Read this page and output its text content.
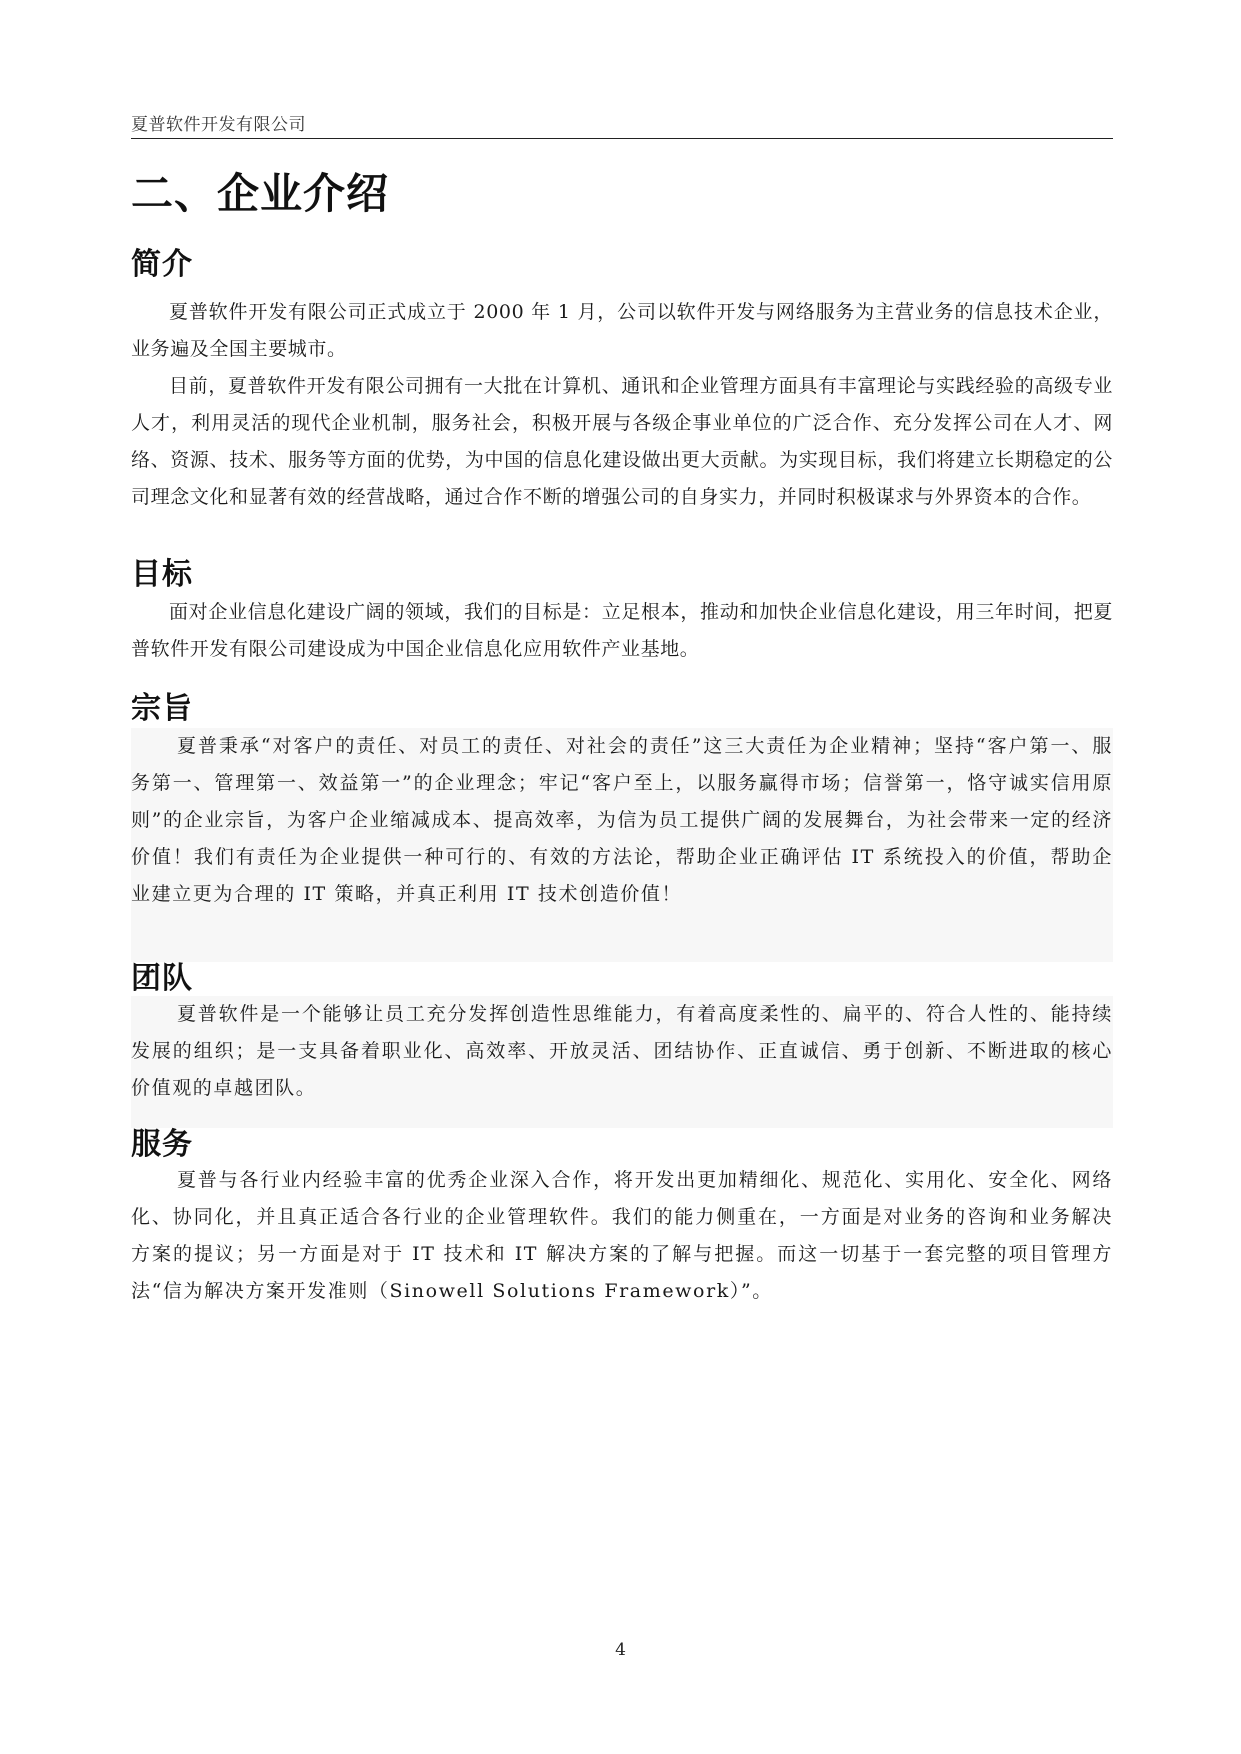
夏普软件开发有限公司
二、企业介绍
简介

夏普软件开发有限公司正式成立于 2000 年 1 月，公司以软件开发与网络服务为主营业务的信息技术企业，业务遍及全国主要城市。

目前，夏普软件开发有限公司拥有一大批在计算机、通讯和企业管理方面具有丰富理论与实践经验的高级专业人才，利用灵活的现代企业机制，服务社会，积极开展与各级企事业单位的广泛合作、充分发挥公司在人才、网络、资源、技术、服务等方面的优势，为中国的信息化建设做出更大贡献。为实现目标，我们将建立长期稳定的公司理念文化和显著有效的经营战略，通过合作不断的增强公司的自身实力，并同时积极谋求与外界资本的合作。

目标

面对企业信息化建设广阔的领域，我们的目标是：立足根本，推动和加快企业信息化建设，用三年时间，把夏普软件开发有限公司建设成为中国企业信息化应用软件产业基地。

宗旨

夏普秉承“对客户的责任、对员工的责任、对社会的责任”这三大责任为企业精神；坚持“客户第一、服务第一、管理第一、效益第一”的企业理念；牢记“客户至上，以服务赢得市场；信誉第一，恪守诚实信用原则”的企业宗旨，为客户企业缩减成本、提高效率，为信为员工提供广阔的发展舞台，为社会带来一定的经济价值！我们有责任为企业提供一种可行的、有效的方法论，帮助企业正确评估 IT 系统投入的价值，帮助企业建立更为合理的 IT 策略，并真正利用 IT 技术创造价值！

团队

夏普软件是一个能够让员工充分发挥创造性思维能力，有着高度柔性的、扁平的、符合人性的、能持续发展的组织；是一支具备着职业化、高效率、开放灵活、团结协作、正直诚信、勇于创新、不断进取的核心价值观的卓越团队。

服务

夏普与各行业内经验丰富的优秀企业深入合作，将开发出更加精细化、规范化、实用化、安全化、网络化、协同化，并且真正适合各行业的企业管理软件。我们的能力侧重在，一方面是对业务的咨询和业务解决方案的提议；另一方面是对于 IT 技术和 IT 解决方案的了解与把握。而这一切基于一套完整的项目管理方法“信为解决方案开发准则（Sinowell Solutions Framework）”。

4
